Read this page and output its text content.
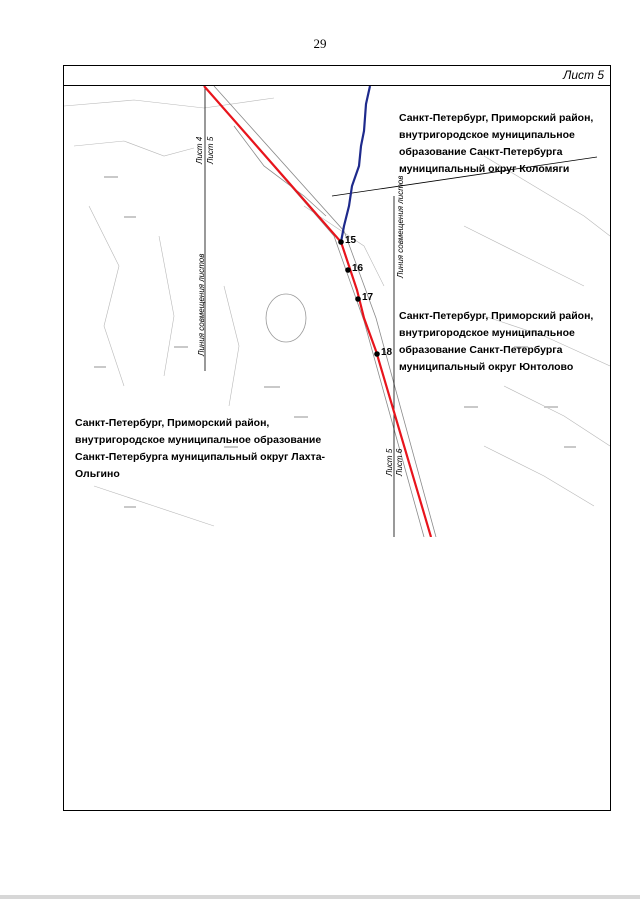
29
Лист 5
15
16
17
18
Линия совмещения листов
Линия совмещения листов
Лист 4 Лист 5
Лист 5 Лист 6
Санкт-Петербург, Приморский район,
внутригородское муниципальное
образование Санкт-Петербурга
муниципальный округ Коломяги
Санкт-Петербург, Приморский район,
внутригородское муниципальное
образование Санкт-Петербурга
муниципальный округ Юнтолово
Санкт-Петербург, Приморский район,
внутригородское муниципальное образование
Санкт-Петербурга муниципальный округ Лахта-
Ольгино
